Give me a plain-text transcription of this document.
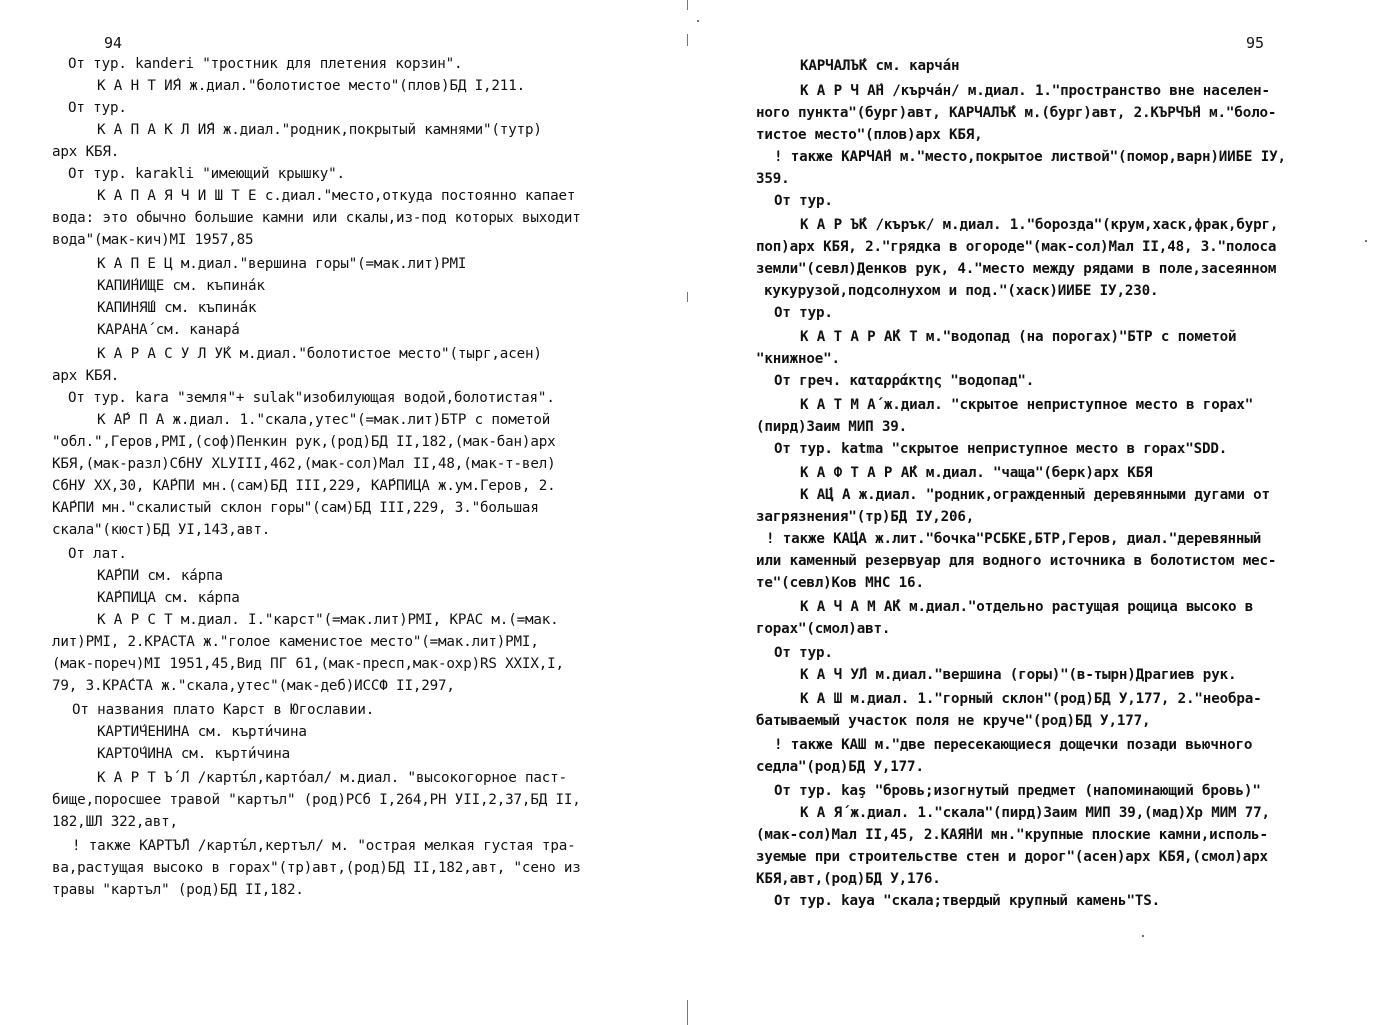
94
От тур. kanderi "тростник для плетения корзин".
К А Н Т И́Я ж.диал."болотистое место"(плов)БД I,211.
От тур.
К А П А К Л И́Я ж.диал."родник,покрытый камнями"(тутр)
арх КБЯ.
От тур. karakli "имеющий крышку".
К А П А Я Ч И Ш Т Е с.диал."место,откуда постоянно капает
вода: это обычно большие камни или скалы,из-под которых выходит
вода"(мак-кич)MI 1957,85
К А П Е Ц м.диал."вершина горы"(=мак.лит)PMI
КАПИ́НИЩЕ см. къпина́к
КАПИНЯ́Ш см. къпина́к
КАРАНА́ см. канара́
К А Р А С У Л У́К м.диал."болотистое место"(тырг,асен)
арх КБЯ.
От тур. kara "земля"+ sulak"изобилующая водой,болотистая".
К А́Р П А ж.диал. 1."скала,утес"(=мак.лит)БТР с пометой
"обл.",Геров,PMI,(соф)Пенкин рук,(род)БД II,182,(мак-бан)арх
КБЯ,(мак-разл)СбНУ ХLУIII,462,(мак-сол)Мал II,48,(мак-т-вел)
СбНУ ХХ,30, КА́РПИ мн.(сам)БД III,229, КА́РПИЦА ж.ум.Геров, 2.
КА́РПИ мн."скалистый склон горы"(сам)БД III,229, 3."большая
скала"(кюст)БД УI,143,авт.
От лат.
КА́РПИ см. ка́рпа
КА́РПИЦА см. ка́рпа
К А Р С Т м.диал. I."карст"(=мак.лит)PMI, КРАС м.(=мак.
лит)PMI, 2.КРАСТА ж."голое каменистое место"(=мак.лит)PMI,
(мак-пореч)MI 1951,45,Вид ПГ 61,(мак-пресп,мак-охр)RS XXIX,I,
79, 3.КРА́СТА ж."скала,утес"(мак-деб)ИССФ II,297,
От названия плато Карст в Югославии.
КАРТИ́ЧЕНИНА см. кърти́чина
КАРТО́ЧИНА см. кърти́чина
К А Р Т Ъ́ Л /картъ́л,карто́ал/ м.диал. "высокогорное паст-
бище,поросшее травой "картъл" (род)РСб I,264,PH УII,2,37,БД II,
182,ШЛ 322,авт,
! также КАРТЪ́Л /картъ́л,кертъл/ м. "острая мелкая густая тра-
ва,растущая высоко в горах"(тр)авт,(род)БД II,182,авт, "сено из
травы "картъл" (род)БД II,182.
95
КАРЧАЛЪ́К см. карча́н
К А Р Ч А́Н /кърча́н/ м.диал. 1."пространство вне населен-
ного пункта"(бург)авт, КАРЧАЛЪ́К м.(бург)авт, 2.КЪРЧЪ́Н м."боло-
тистое место"(плов)арх КБЯ,
! также КАРЧА́Н м."место,покрытое листвой"(помор,варн)ИИБЕ IУ,
359.
От тур.
К А Р Ъ́К /кърък/ м.диал. 1."борозда"(крум,хаск,фрак,бург,
поп)арх КБЯ, 2."грядка в огороде"(мак-сол)Мал II,48, 3."полоса
земли"(севл)Денков рук, 4."место между рядами в поле,засеянном
кукурузой,подсолнухом и под."(хаск)ИИБЕ IУ,230.
От тур.
К А Т А Р А́К Т м."водопад (на порогах)"БТР с пометой
"книжное".
От греч. καταρράκτης "водопад".
К А Т М А́ ж.диал. "скрытое неприступное место в горах"
(пирд)Заим МИП 39.
От тур. katma "скрытое неприступное место в горах"SDD.
К А Ф Т А Р А́К м.диал. "чаща"(берк)арх КБЯ
К А́Ц А ж.диал. "родник,огражденный деревянными дугами от
загрязнения"(тр)БД IУ,206,
! также КА́ЦА ж.лит."бочка"РСБКЕ,БТР,Геров, диал."деревянный
или каменный резервуар для водного источника в болотистом мес-
те"(севл)Ков МНС 16.
К А Ч А М А́К м.диал."отдельно растущая рощица высоко в
горах"(смол)авт.
От тур.
К А Ч У́Л м.диал."вершина (горы)"(в-тырн)Драгиев рук.
К А Ш м.диал. 1."горный склон"(род)БД У,177, 2."необра-
батываемый участок поля не круче"(род)БД У,177,
! также КАШ м."две пересекающиеся дощечки позади вьючного
седла"(род)БД У,177.
От тур. kaş "бровь;изогнутый предмет (напоминающий бровь)"
К А Я́ ж.диал. 1."скала"(пирд)Заим МИП 39,(мад)Хр МИМ 77,
(мак-сол)Мал II,45, 2.КАЯ́НИ мн."крупные плоские камни,исполь-
зуемые при строительстве стен и дорог"(асен)арх КБЯ,(смол)арх
КБЯ,авт,(род)БД У,176.
От тур. kaya "скала;твердый крупный камень"TS.
